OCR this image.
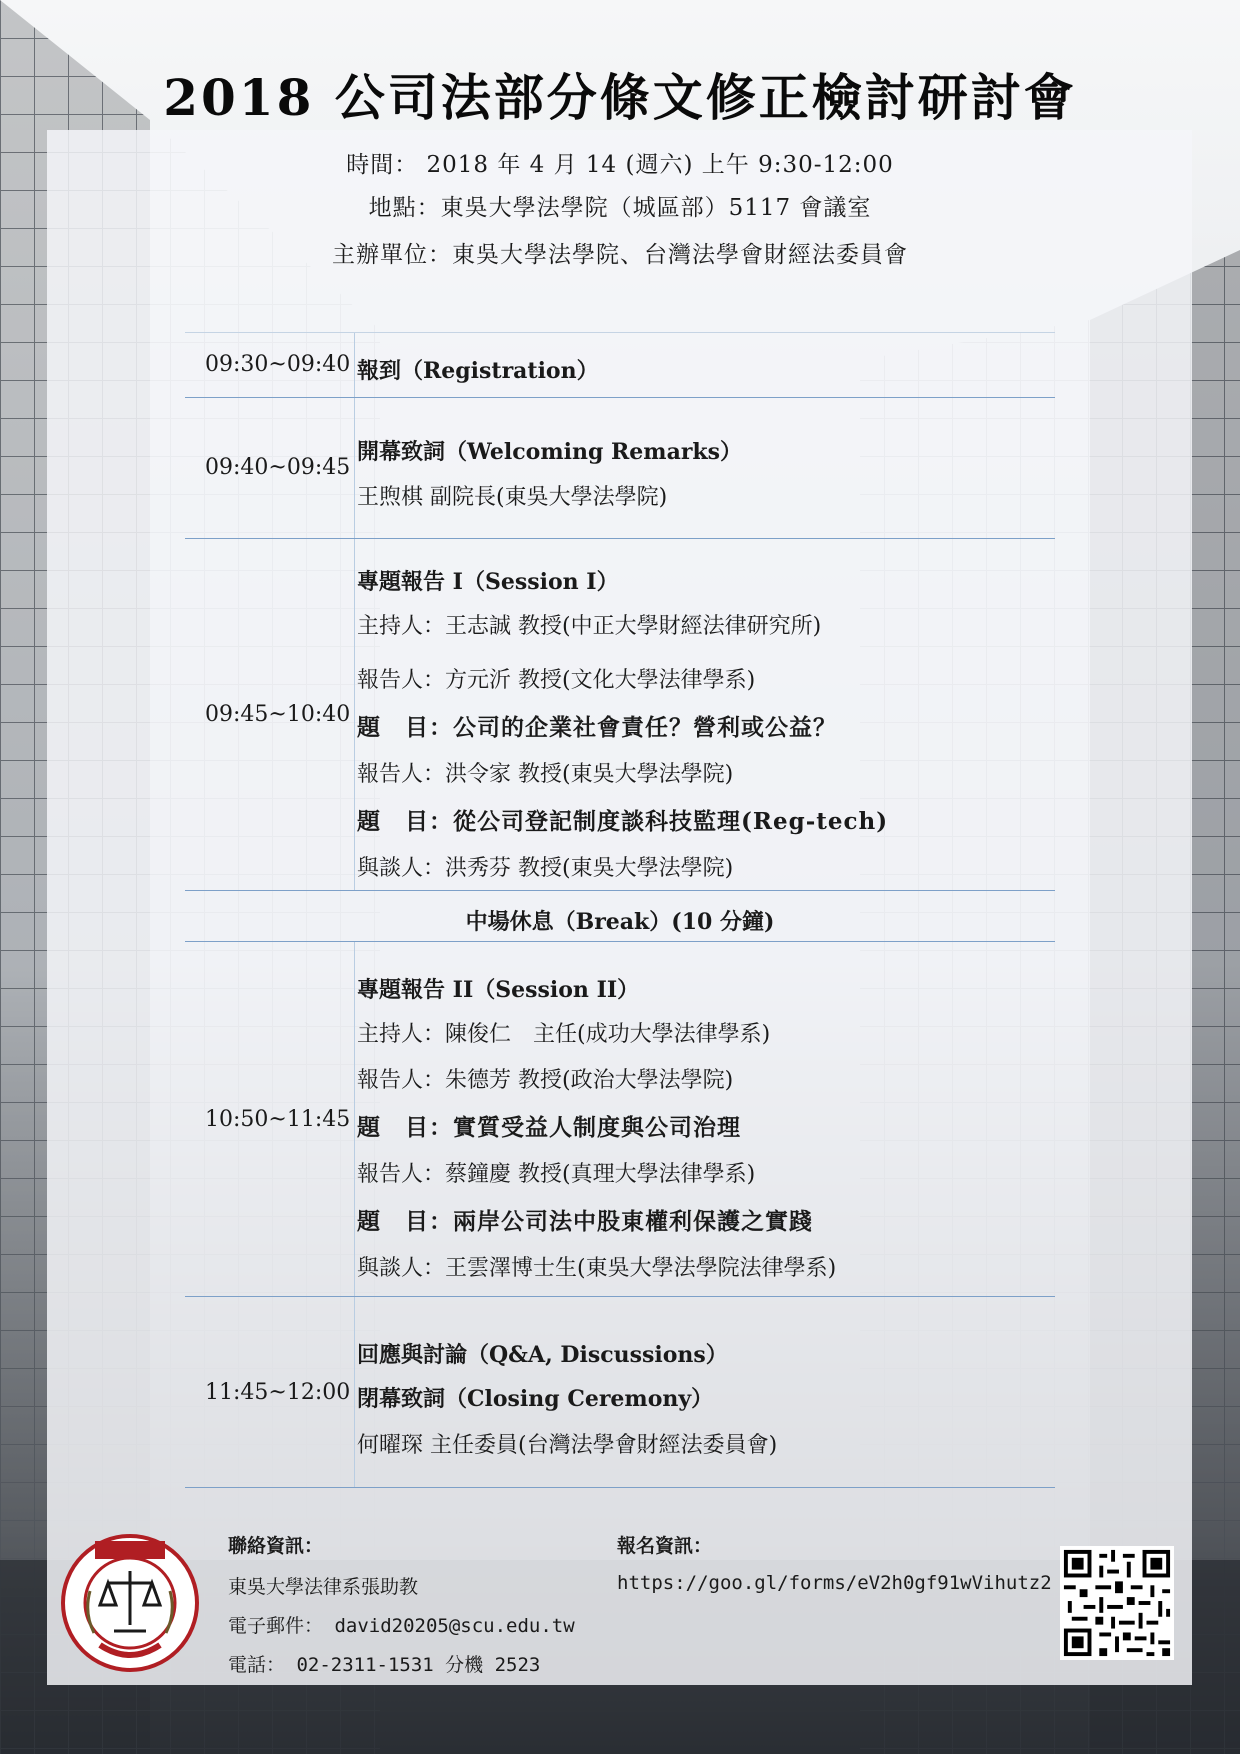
2018 公司法部分條文修正檢討研討會
時間： 2018 年 4 月 14 (週六) 上午 9:30-12:00
地點：東吳大學法學院（城區部）5117 會議室
主辦單位：東吳大學法學院、台灣法學會財經法委員會
09:30~09:40 報到（Registration）
09:40~09:45
開幕致詞（Welcoming Remarks）
王煦棋 副院長(東吳大學法學院)
09:45~10:40
專題報告 I（Session I）
主持人：王志誠 教授(中正大學財經法律研究所)
報告人：方元沂 教授(文化大學法律學系)
題　目：公司的企業社會責任？營利或公益？
報告人：洪令家 教授(東吳大學法學院)
題　目：從公司登記制度談科技監理(Reg-tech)
與談人：洪秀芬 教授(東吳大學法學院)
中場休息（Break）(10 分鐘)
10:50~11:45
專題報告 II（Session II）
主持人：陳俊仁　主任(成功大學法律學系)
報告人：朱德芳 教授(政治大學法學院)
題　目：實質受益人制度與公司治理
報告人：蔡鐘慶 教授(真理大學法律學系)
題　目：兩岸公司法中股東權利保護之實踐
與談人：王雲澤博士生(東吳大學法學院法律學系)
11:45~12:00
回應與討論（Q&A, Discussions）
閉幕致詞（Closing Ceremony）
何曜琛 主任委員(台灣法學會財經法委員會)
聯絡資訊：
東吳大學法律系張助教
電子郵件： david20205@scu.edu.tw
電話： 02-2311-1531 分機 2523
報名資訊：
https://goo.gl/forms/eV2h0gf91wVihutz2
